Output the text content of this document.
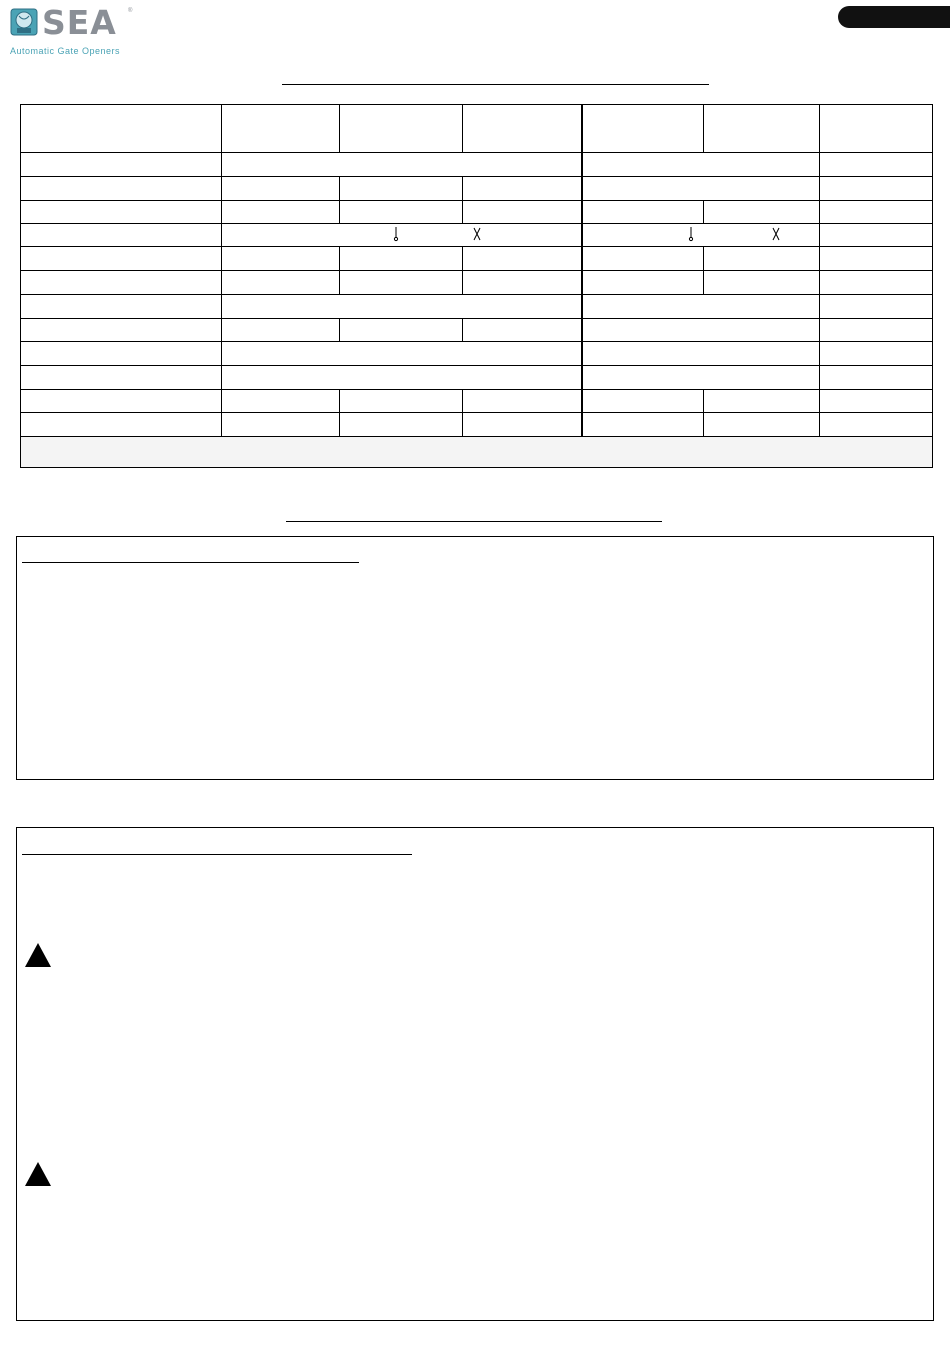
SEA ®
Automatic Gate Openers
